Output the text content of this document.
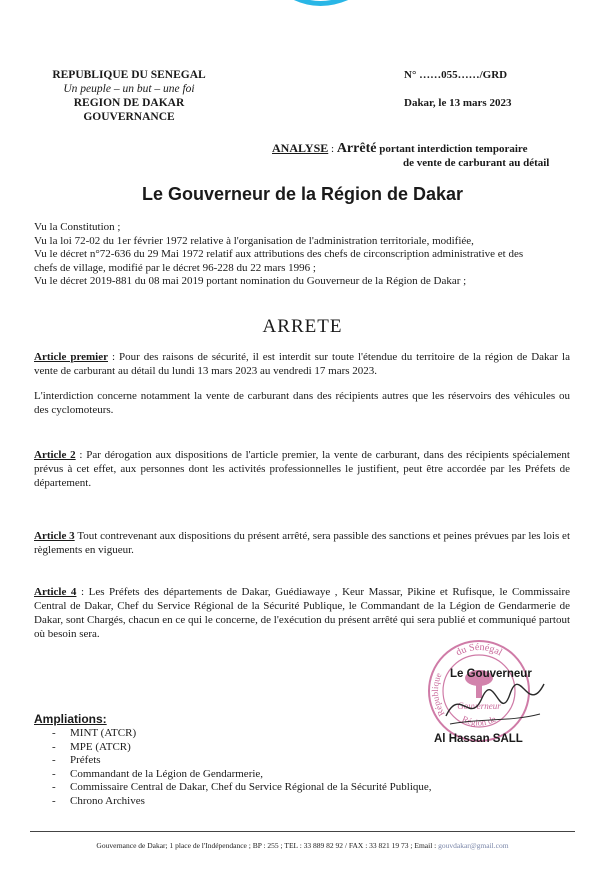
REPUBLIQUE DU SENEGAL
Un peuple – un but – une foi
REGION DE DAKAR
GOUVERNANCE
N° ……055……/GRD
Dakar, le 13 mars 2023
ANALYSE : Arrêté portant interdiction temporaire
de vente de carburant au détail
Le Gouverneur de la Région de Dakar
Vu la Constitution ;
Vu la loi 72-02 du 1er février 1972 relative à l'organisation de l'administration territoriale, modifiée,
Vu le décret n°72-636 du 29 Mai 1972 relatif aux attributions des chefs de circonscription administrative et des
chefs de village, modifié par le décret 96-228 du 22 mars 1996 ;
Vu le décret 2019-881 du 08 mai 2019 portant nomination du Gouverneur de la Région de Dakar ;
ARRETE
Article premier : Pour des raisons de sécurité, il est interdit sur toute l'étendue du territoire de la région de Dakar la vente de carburant au détail du lundi 13 mars 2023 au vendredi 17 mars 2023.
L'interdiction concerne notamment la vente de carburant dans des récipients autres que les réservoirs des véhicules ou des cyclomoteurs.
Article 2 : Par dérogation aux dispositions de l'article premier, la vente de carburant, dans des récipients spécialement prévus à cet effet, aux personnes dont les activités professionnelles le justifient, peut être accordée par les Préfets de département.
Article 3 Tout contrevenant aux dispositions du présent arrêté, sera passible des sanctions et peines prévues par les lois et règlements en vigueur.
Article 4 : Les Préfets des départements de Dakar, Guédiawaye , Keur Massar, Pikine et Rufisque, le Commissaire Central de Dakar, Chef du Service Régional de la Sécurité Publique, le Commandant de la Légion de Gendarmerie de Dakar, sont Chargés, chacun en ce qui le concerne, de l'exécution du présent arrêté qui sera publié et communiqué partout où besoin sera.
du Sénégal
République
Gouverneur
Région de
Le Gouverneur
Al Hassan SALL
Ampliations:
- MINT (ATCR)
- MPE (ATCR)
- Préfets
- Commandant de la Légion de Gendarmerie,
- Commissaire Central de Dakar, Chef du Service Régional de la Sécurité Publique,
- Chrono Archives
Gouvernance de Dakar; 1 place de l'Indépendance ; BP : 255 ; TEL : 33 889 82 92 / FAX : 33 821 19 73 ; Email : gouvdakar@gmail.com
